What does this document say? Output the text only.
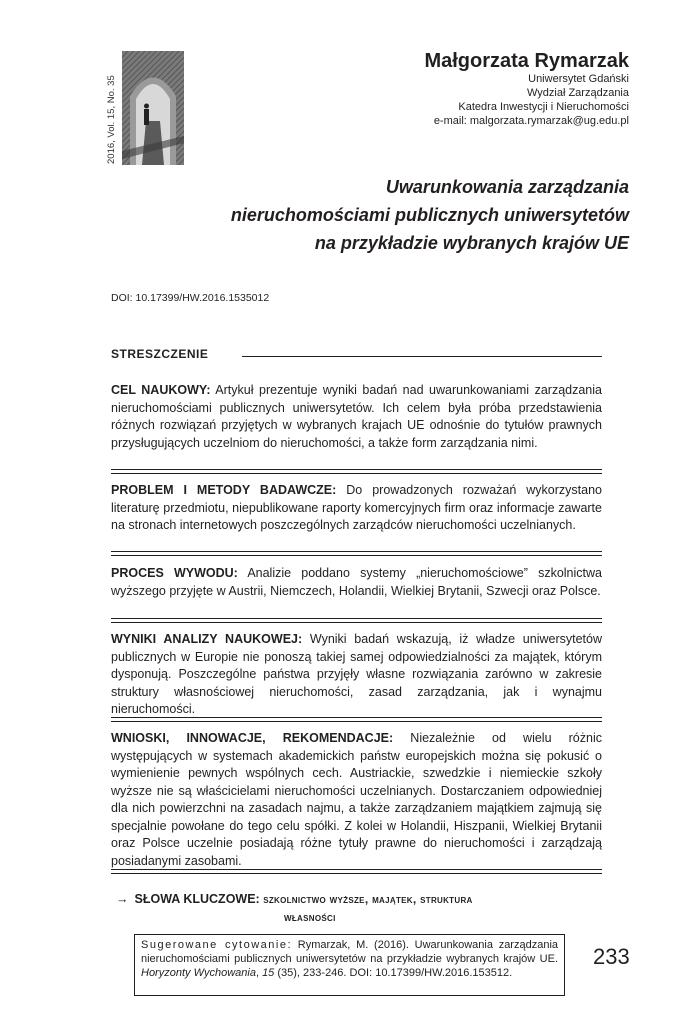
2016, Vol. 15, No. 35
Małgorzata Rymarzak
Uniwersytet Gdański
Wydział Zarządzania
Katedra Inwestycji i Nieruchomości
e-mail: malgorzata.rymarzak@ug.edu.pl
Uwarunkowania zarządzania
nieruchomościami publicznych uniwersytetów
na przykładzie wybranych krajów UE
DOI: 10.17399/HW.2016.1535012
STRESZCZENIE
CEL NAUKOWY: Artykuł prezentuje wyniki badań nad uwarunkowaniami zarządzania nieruchomościami publicznych uniwersytetów. Ich celem była próba przedstawienia różnych rozwiązań przyjętych w wybranych krajach UE odnośnie do tytułów prawnych przysługujących uczelniom do nieruchomości, a także form zarządzania nimi.
PROBLEM I METODY BADAWCZE: Do prowadzonych rozważań wykorzystano literaturę przedmiotu, niepublikowane raporty komercyjnych firm oraz informacje zawarte na stronach internetowych poszczególnych zarządców nieruchomości uczelnianych.
PROCES WYWODU: Analizie poddano systemy „nieruchomościowe” szkolnictwa wyższego przyjęte w Austrii, Niemczech, Holandii, Wielkiej Brytanii, Szwecji oraz Polsce.
WYNIKI ANALIZY NAUKOWEJ: Wyniki badań wskazują, iż władze uniwersytetów publicznych w Europie nie ponoszą takiej samej odpowiedzialności za majątek, którym dysponują. Poszczególne państwa przyjęły własne rozwiązania zarówno w zakresie struktury własnościowej nieruchomości, zasad zarządzania, jak i wynajmu nieruchomości.
WNIOSKI, INNOWACJE, REKOMENDACJE: Niezależnie od wielu różnic występujących w systemach akademickich państw europejskich można się pokusić o wymienienie pewnych wspólnych cech. Austriackie, szwedzkie i niemieckie szkoły wyższe nie są właścicielami nieruchomości uczelnianych. Dostarczaniem odpowiedniej dla nich powierzchni na zasadach najmu, a także zarządzaniem majątkiem zajmują się specjalnie powołane do tego celu spółki. Z kolei w Holandii, Hiszpanii, Wielkiej Brytanii oraz Polsce uczelnie posiadają różne tytuły prawne do nieruchomości i zarządzają posiadanymi zasobami.
→ SŁOWA KLUCZOWE: szkolnictwo wyższe, majątek, struktura
własności
Sugerowane cytowanie: Rymarzak, M. (2016). Uwarunkowania zarządzania nieruchomościami publicznych uniwersytetów na przykładzie wybranych krajów UE. Horyzonty Wychowania, 15 (35), 233-246. DOI: 10.17399/HW.2016.153512.
233
